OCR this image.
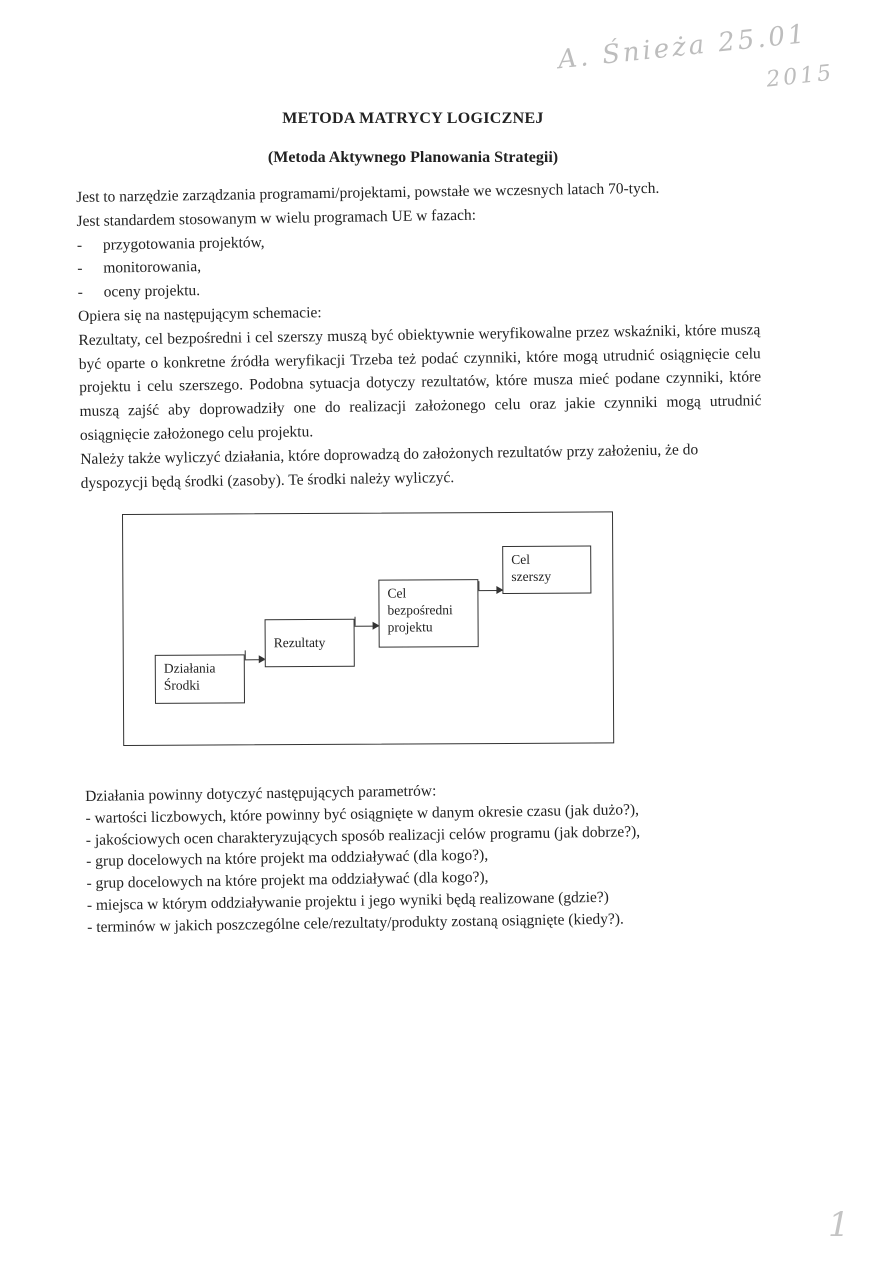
A. Śnieża 25.01
2015
METODA MATRYCY LOGICZNEJ
(Metoda Aktywnego Planowania Strategii)

Jest to narzędzie zarządzania programami/projektami, powstałe we wczesnych latach 70-tych.

Jest standardem stosowanym w wielu programach UE w fazach:

- przygotowania projektów,
- monitorowania,
- oceny projektu.

Opiera się na następującym schemacie:

Rezultaty, cel bezpośredni i cel szerszy muszą być obiektywnie weryfikowalne przez wskaźniki, które muszą być oparte o konkretne źródła weryfikacji Trzeba też podać czynniki, które mogą utrudnić osiągnięcie celu projektu i celu szerszego. Podobna sytuacja dotyczy rezultatów, które musza mieć podane czynniki, które muszą zajść aby doprowadziły one do realizacji założonego celu oraz jakie czynniki mogą utrudnić osiągnięcie założonego celu projektu.

Należy także wyliczyć działania, które doprowadzą do założonych rezultatów przy założeniu, że do dyspozycji będą środki (zasoby). Te środki należy wyliczyć.

Działania
Środki
Rezultaty
Cel
bezpośredni
projektu
Cel
szerszy

Działania powinny dotyczyć następujących parametrów:

- wartości liczbowych, które powinny być osiągnięte w danym okresie czasu (jak dużo?),
- jakościowych ocen charakteryzujących sposób realizacji celów programu (jak dobrze?),
- grup docelowych na które projekt ma oddziaływać (dla kogo?),
- grup docelowych na które projekt ma oddziaływać (dla kogo?),
- miejsca w którym oddziaływanie projektu i jego wyniki będą realizowane (gdzie?)
- terminów w jakich poszczególne cele/rezultaty/produkty zostaną osiągnięte (kiedy?).
1
